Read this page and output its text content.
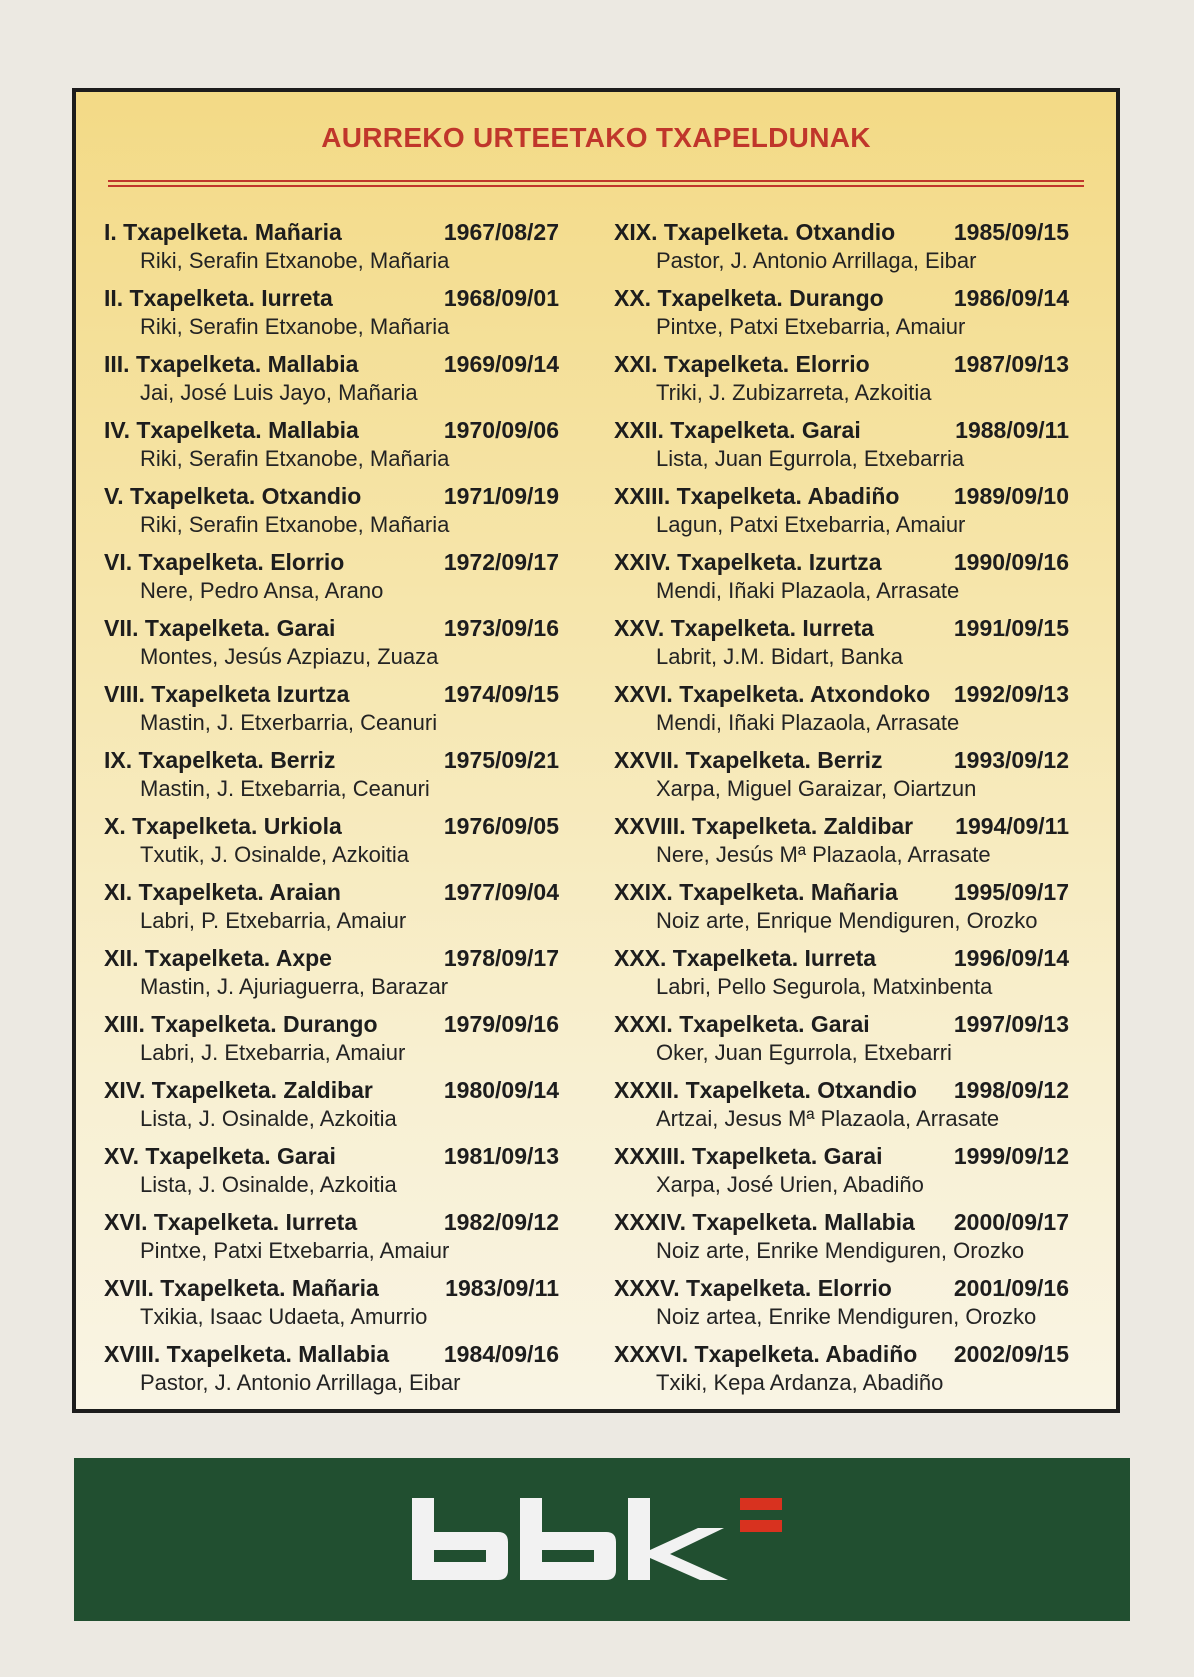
AURREKO URTEETAKO TXAPELDUNAK
I. Txapelketa. Mañaria	1967/08/27
Riki, Serafin Etxanobe, Mañaria
II. Txapelketa. Iurreta	1968/09/01
Riki, Serafin Etxanobe, Mañaria
III. Txapelketa. Mallabia	1969/09/14
Jai, José Luis Jayo, Mañaria
IV. Txapelketa. Mallabia	1970/09/06
Riki, Serafin Etxanobe, Mañaria
V. Txapelketa. Otxandio	1971/09/19
Riki, Serafin Etxanobe, Mañaria
VI. Txapelketa. Elorrio	1972/09/17
Nere, Pedro Ansa, Arano
VII. Txapelketa. Garai	1973/09/16
Montes, Jesús Azpiazu, Zuaza
VIII. Txapelketa Izurtza	1974/09/15
Mastin, J. Etxerbarria, Ceanuri
IX. Txapelketa. Berriz	1975/09/21
Mastin, J. Etxebarria, Ceanuri
X. Txapelketa. Urkiola	1976/09/05
Txutik, J. Osinalde, Azkoitia
XI. Txapelketa. Araian	1977/09/04
Labri, P. Etxebarria, Amaiur
XII. Txapelketa. Axpe	1978/09/17
Mastin, J. Ajuriaguerra, Barazar
XIII. Txapelketa. Durango	1979/09/16
Labri, J. Etxebarria, Amaiur
XIV. Txapelketa. Zaldibar	1980/09/14
Lista, J. Osinalde, Azkoitia
XV. Txapelketa. Garai	1981/09/13
Lista, J. Osinalde, Azkoitia
XVI. Txapelketa. Iurreta	1982/09/12
Pintxe, Patxi Etxebarria, Amaiur
XVII. Txapelketa. Mañaria	1983/09/11
Txikia, Isaac Udaeta, Amurrio
XVIII. Txapelketa. Mallabia 1984/09/16
Pastor, J. Antonio Arrillaga, Eibar
XIX. Txapelketa. Otxandio	1985/09/15
Pastor, J. Antonio Arrillaga, Eibar
XX. Txapelketa. Durango	1986/09/14
Pintxe, Patxi Etxebarria, Amaiur
XXI. Txapelketa. Elorrio	1987/09/13
Triki, J. Zubizarreta, Azkoitia
XXII. Txapelketa. Garai	1988/09/11
Lista, Juan Egurrola, Etxebarria
XXIII. Txapelketa. Abadiño 1989/09/10
Lagun, Patxi Etxebarria, Amaiur
XXIV. Txapelketa. Izurtza	1990/09/16
Mendi, Iñaki Plazaola, Arrasate
XXV. Txapelketa. Iurreta	1991/09/15
Labrit, J.M. Bidart, Banka
XXVI. Txapelketa. Atxondoko 1992/09/13
Mendi, Iñaki Plazaola, Arrasate
XXVII. Txapelketa. Berriz	1993/09/12
Xarpa, Miguel Garaizar, Oiartzun
XXVIII. Txapelketa. Zaldibar 1994/09/11
Nere, Jesús Mª Plazaola, Arrasate
XXIX. Txapelketa. Mañaria 1995/09/17
Noiz arte, Enrique Mendiguren, Orozko
XXX. Txapelketa. Iurreta	1996/09/14
Labri, Pello Segurola, Matxinbenta
XXXI. Txapelketa. Garai	1997/09/13
Oker, Juan Egurrola, Etxebarri
XXXII. Txapelketa. Otxandio 1998/09/12
Artzai, Jesus Mª Plazaola, Arrasate
XXXIII. Txapelketa. Garai	1999/09/12
Xarpa, José Urien, Abadiño
XXXIV. Txapelketa. Mallabia 2000/09/17
Noiz arte, Enrike Mendiguren, Orozko
XXXV. Txapelketa. Elorrio	2001/09/16
Noiz artea, Enrike Mendiguren, Orozko
XXXVI. Txapelketa. Abadiño 2002/09/15
Txiki, Kepa Ardanza, Abadiño
